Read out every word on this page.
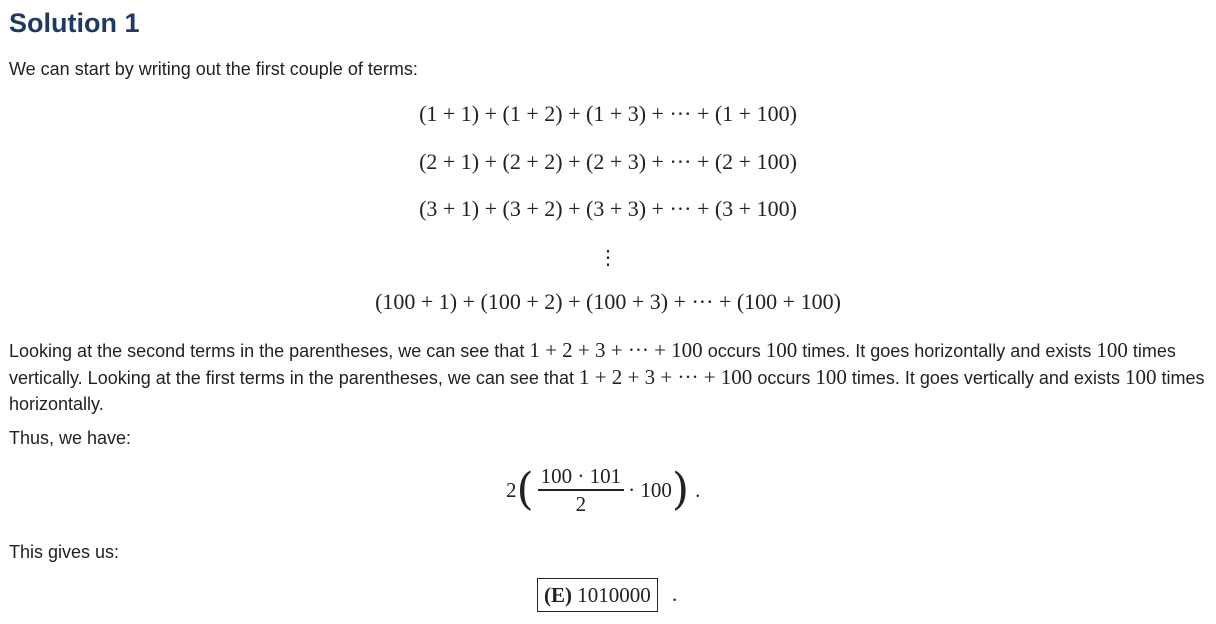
Solution 1

We can start by writing out the first couple of terms:

(1 + 1) + (1 + 2) + (1 + 3) + ··· + (1 + 100)
(2 + 1) + (2 + 2) + (2 + 3) + ··· + (2 + 100)
(3 + 1) + (3 + 2) + (3 + 3) + ··· + (3 + 100)
⋮
(100 + 1) + (100 + 2) + (100 + 3) + ··· + (100 + 100)

Looking at the second terms in the parentheses, we can see that 1 + 2 + 3 + ··· + 100 occurs 100 times. It goes horizontally and exists 100 times vertically. Looking at the first terms in the parentheses, we can see that 1 + 2 + 3 + ··· + 100 occurs 100 times. It goes vertically and exists 100 times horizontally.

Thus, we have:

2 ( $\frac{100 \cdot 101}{2} \cdot 100$ ) .

This gives us:

(E) 1010000	.
